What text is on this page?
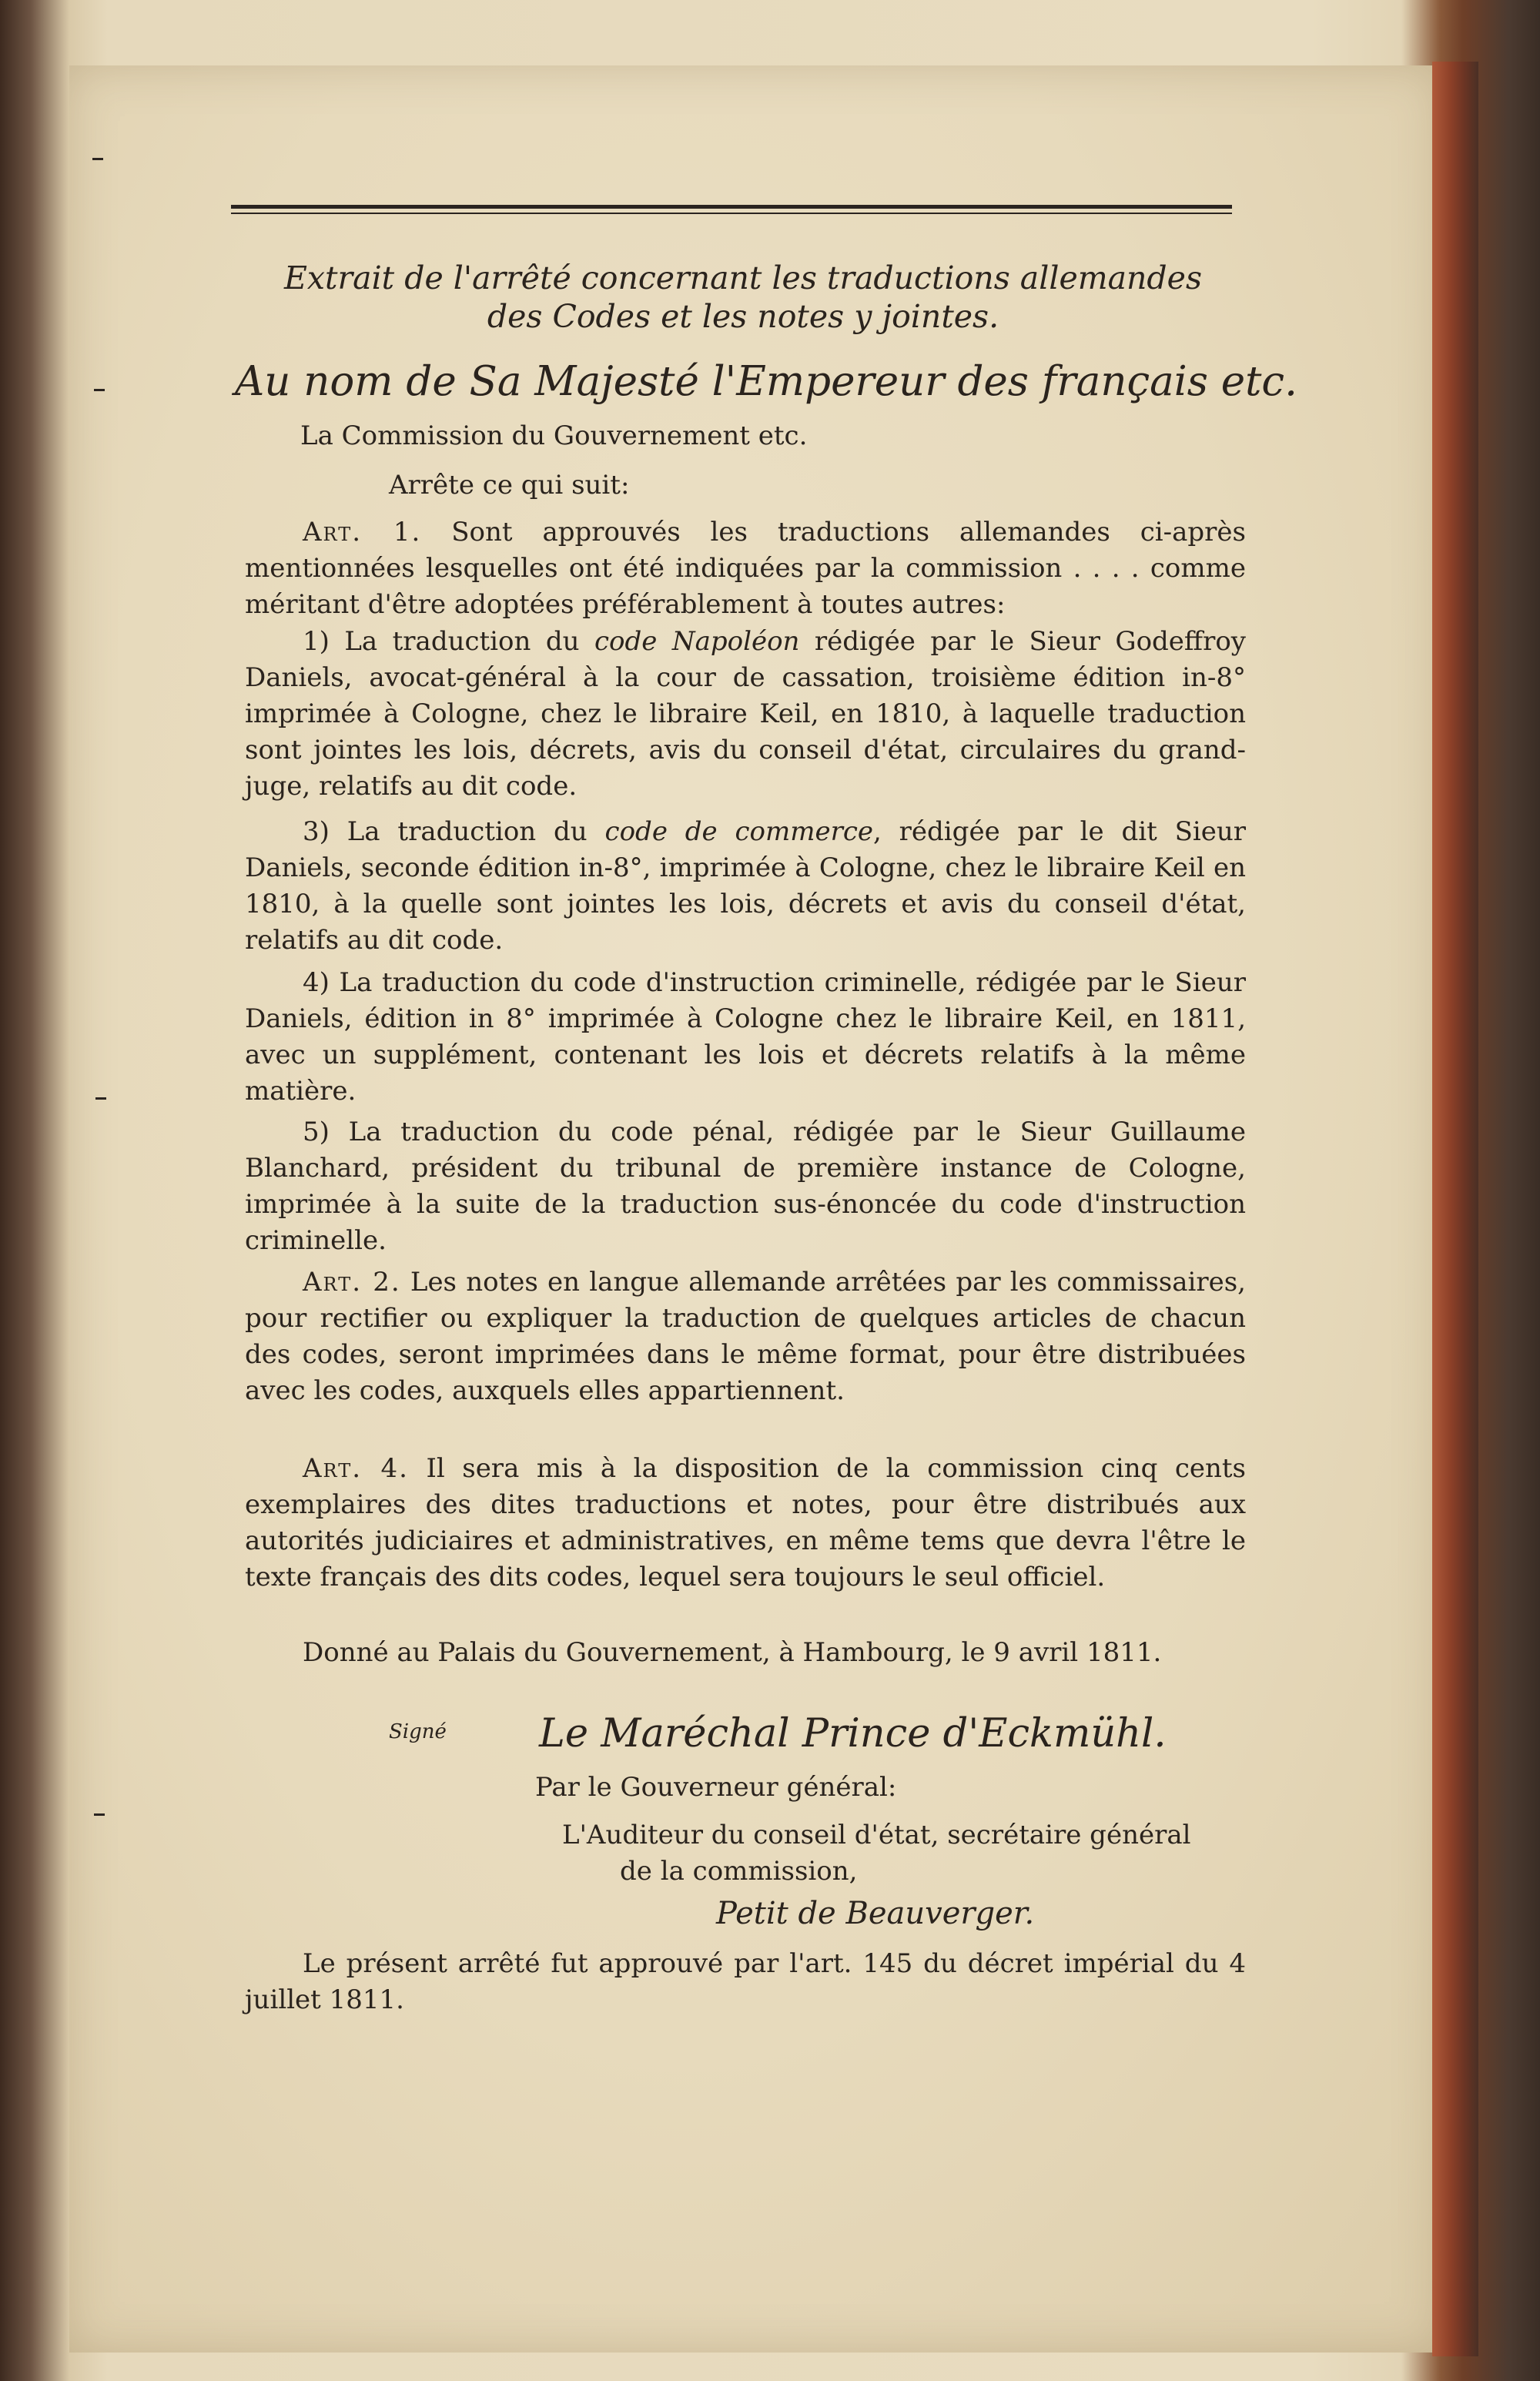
Extrait de l'arrêté concernant les traductions allemandes
des Codes et les notes y jointes.
Au nom de Sa Majesté l'Empereur des français etc.
La Commission du Gouvernement etc.
Arrête ce qui suit:
Art. 1. Sont approuvés les traductions allemandes ci-après mentionnées lesquelles ont été indiquées par la commission . . . . comme méritant d'être adoptées préférablement à toutes autres:
1) La traduction du code Napoléon rédigée par le Sieur Godeffroy Daniels, avocat-général à la cour de cassation, troisième édition in-8° imprimée à Cologne, chez le libraire Keil, en 1810, à laquelle traduction sont jointes les lois, décrets, avis du conseil d'état, circulaires du grand-juge, relatifs au dit code.
3) La traduction du code de commerce, rédigée par le dit Sieur Daniels, seconde édition in-8°, imprimée à Cologne, chez le libraire Keil en 1810, à la quelle sont jointes les lois, décrets et avis du conseil d'état, relatifs au dit code.
4) La traduction du code d'instruction criminelle, rédigée par le Sieur Daniels, édition in 8° imprimée à Cologne chez le libraire Keil, en 1811, avec un supplément, contenant les lois et décrets relatifs à la même matière.
5) La traduction du code pénal, rédigée par le Sieur Guillaume Blanchard, président du tribunal de première instance de Cologne, imprimée à la suite de la traduction sus-énoncée du code d'instruction criminelle.
Art. 2. Les notes en langue allemande arrêtées par les commissaires, pour rectifier ou expliquer la traduction de quelques articles de chacun des codes, seront imprimées dans le même format, pour être distribuées avec les codes, auxquels elles appartiennent.
Art. 4. Il sera mis à la disposition de la commission cinq cents exemplaires des dites traductions et notes, pour être distribués aux autorités judiciaires et administratives, en même tems que devra l'être le texte français des dits codes, lequel sera toujours le seul officiel.
Donné au Palais du Gouvernement, à Hambourg, le 9 avril 1811.
Signé	Le Maréchal Prince d'Eckmühl.
Par le Gouverneur général:
L'Auditeur du conseil d'état, secrétaire général
de la commission,
Petit de Beauverger.
Le présent arrêté fut approuvé par l'art. 145 du décret impérial du 4 juillet 1811.
